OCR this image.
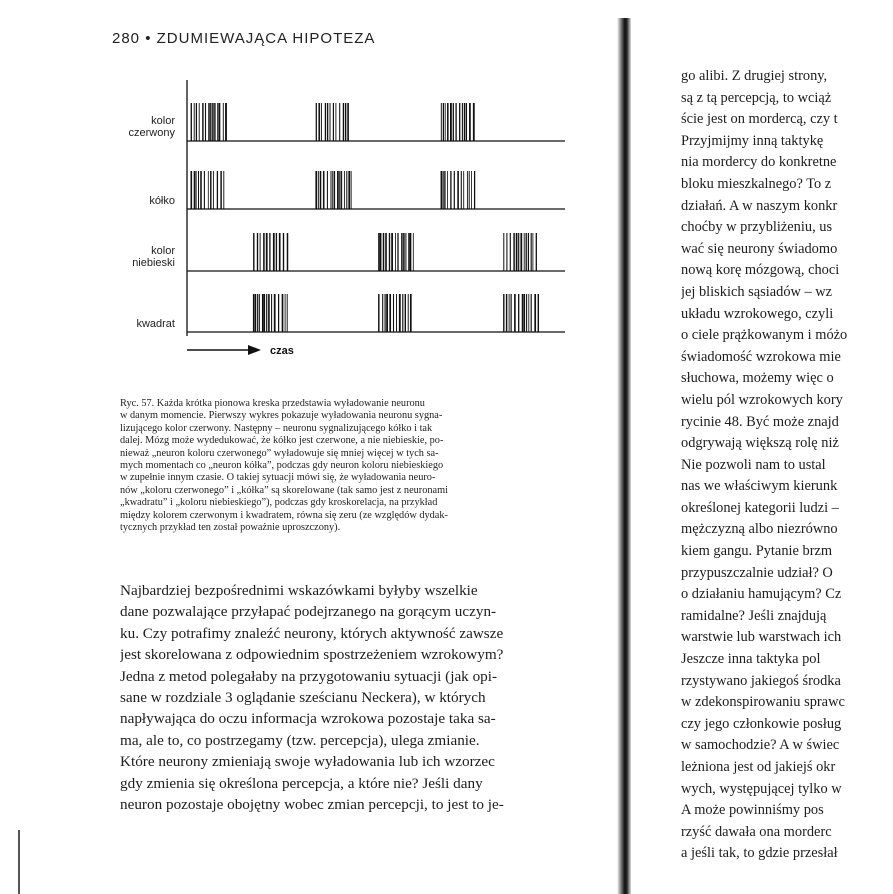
280 • ZDUMIEWAJĄCA HIPOTEZA
czas
kolor
czerwony
kółko
kolor
niebieski
kwadrat
Ryc. 57. Każda krótka pionowa kreska przedstawia wyładowanie neuronu
w danym momencie. Pierwszy wykres pokazuje wyładowania neuronu sygna-
lizującego kolor czerwony. Następny – neuronu sygnalizującego kółko i tak
dalej. Mózg może wydedukować, że kółko jest czerwone, a nie niebieskie, po-
nieważ „neuron koloru czerwonego” wyładowuje się mniej więcej w tych sa-
mych momentach co „neuron kółka”, podczas gdy neuron koloru niebieskiego
w zupełnie innym czasie. O takiej sytuacji mówi się, że wyładowania neuro-
nów „koloru czerwonego” i „kółka” są skorelowane (tak samo jest z neuronami
„kwadratu” i „koloru niebieskiego”), podczas gdy kroskorelacja, na przykład
między kolorem czerwonym i kwadratem, równa się zeru (ze względów dydak-
tycznych przykład ten został poważnie uproszczony).
Najbardziej bezpośrednimi wskazówkami byłyby wszelkie
dane pozwalające przyłapać podejrzanego na gorącym uczyn-
ku. Czy potrafimy znaleźć neurony, których aktywność zawsze
jest skorelowana z odpowiednim spostrzeżeniem wzrokowym?
Jedna z metod polegałaby na przygotowaniu sytuacji (jak opi-
sane w rozdziale 3 oglądanie sześcianu Neckera), w których
napływająca do oczu informacja wzrokowa pozostaje taka sa-
ma, ale to, co postrzegamy (tzw. percepcja), ulega zmianie.
Które neurony zmieniają swoje wyładowania lub ich wzorzec
gdy zmienia się określona percepcja, a które nie? Jeśli dany
neuron pozostaje obojętny wobec zmian percepcji, to jest to je-
go alibi. Z drugiej strony,
są z tą percepcją, to wciąż
ście jest on mordercą, czy t
Przyjmijmy inną taktykę
nia mordercy do konkretne
bloku mieszkalnego? To z
działań. A w naszym konkr
choćby w przybliżeniu, us
wać się neurony świadomo
nową korę mózgową, choci
jej bliskich sąsiadów – wz
układu wzrokowego, czyli
o ciele prążkowanym i móżo
świadomość wzrokowa mie
słuchowa, możemy więc o
wielu pól wzrokowych kory
rycinie 48. Być może znajd
odgrywają większą rolę niż
Nie pozwoli nam to ustal
nas we właściwym kierunk
określonej kategorii ludzi –
mężczyzną albo niezrówno
kiem gangu. Pytanie brzm
przypuszczalnie udział? O
o działaniu hamującym? Cz
ramidalne? Jeśli znajdują
warstwie lub warstwach ich
Jeszcze inna taktyka pol
rzystywano jakiegoś środka
w zdekonspirowaniu sprawc
czy jego członkowie posług
w samochodzie? A w świec
leżniona jest od jakiejś okr
wych, występującej tylko w
A może powinniśmy pos
rzyść dawała ona morderc
a jeśli tak, to gdzie przesłał
